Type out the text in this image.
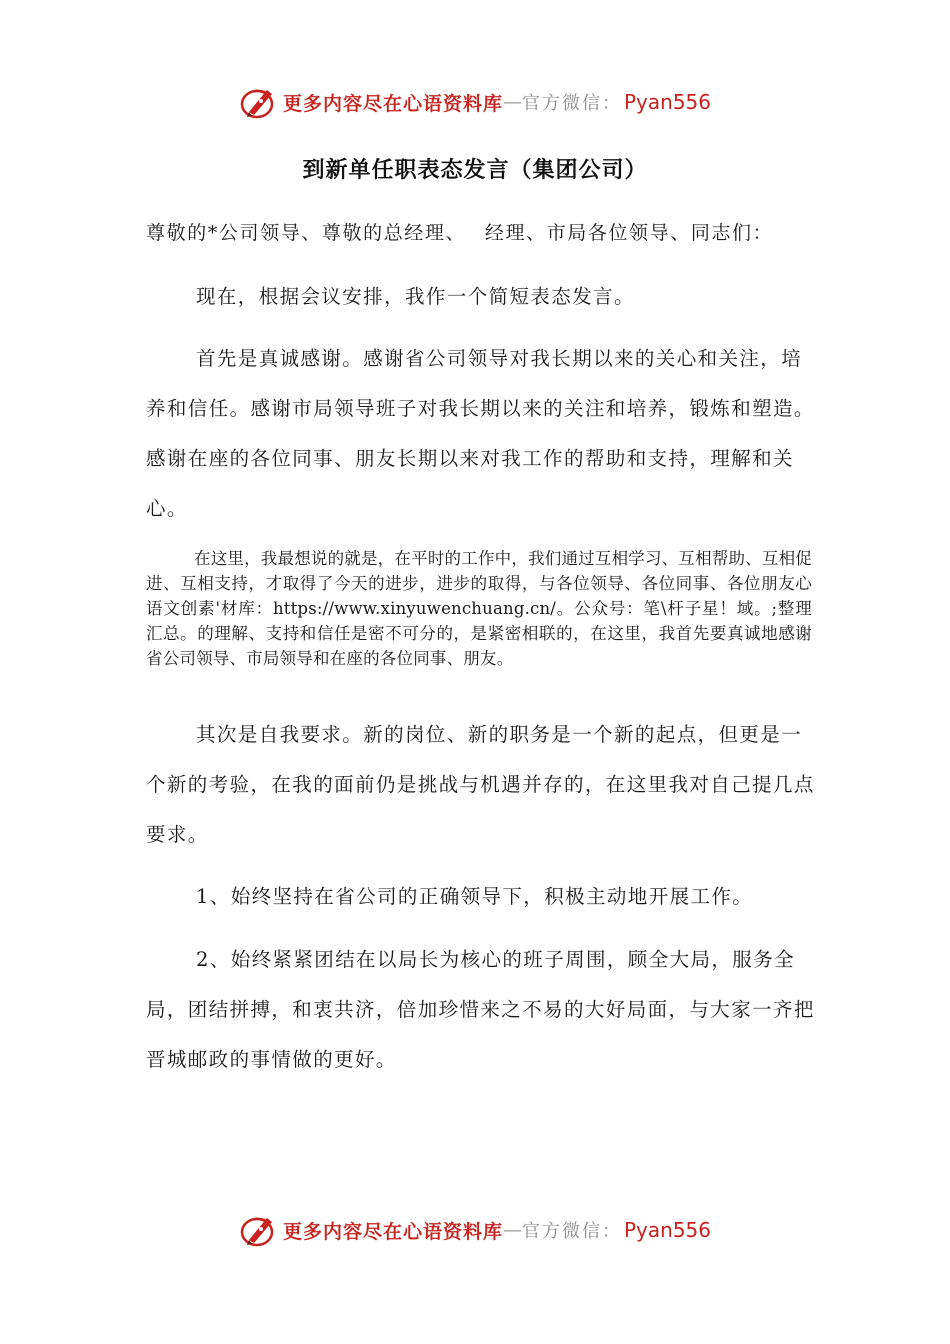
更多内容尽在心语资料库 — 官方微信： Pyan556
到新单任职表态发言（集团公司）
尊敬的*公司领导、尊敬的总经理、　 经理、市局各位领导、同志们：
现在，根据会议安排，我作一个简短表态发言。
首先是真诚感谢。感谢省公司领导对我长期以来的关心和关注，培养和信任。感谢市局领导班子对我长期以来的关注和培养，锻炼和塑造。感谢在座的各位同事、朋友长期以来对我工作的帮助和支持，理解和关心。
在这里，我最想说的就是，在平时的工作中，我们通过互相学习、互相帮助、互相促进、互相支持，才取得了今天的进步，进步的取得，与各位领导、各位同事、各位朋友心语文创素'材库：https://www.xinyuwenchuang.cn/。公众号：笔\杆子星！域。;整理汇总。的理解、支持和信任是密不可分的，是紧密相联的，在这里，我首先要真诚地感谢省公司领导、市局领导和在座的各位同事、朋友。
其次是自我要求。新的岗位、新的职务是一个新的起点，但更是一个新的考验，在我的面前仍是挑战与机遇并存的，在这里我对自己提几点要求。
1、始终坚持在省公司的正确领导下，积极主动地开展工作。
2、始终紧紧团结在以局长为核心的班子周围，顾全大局，服务全局，团结拼搏，和衷共济，倍加珍惜来之不易的大好局面，与大家一齐把晋城邮政的事情做的更好。
更多内容尽在心语资料库 — 官方微信： Pyan556
